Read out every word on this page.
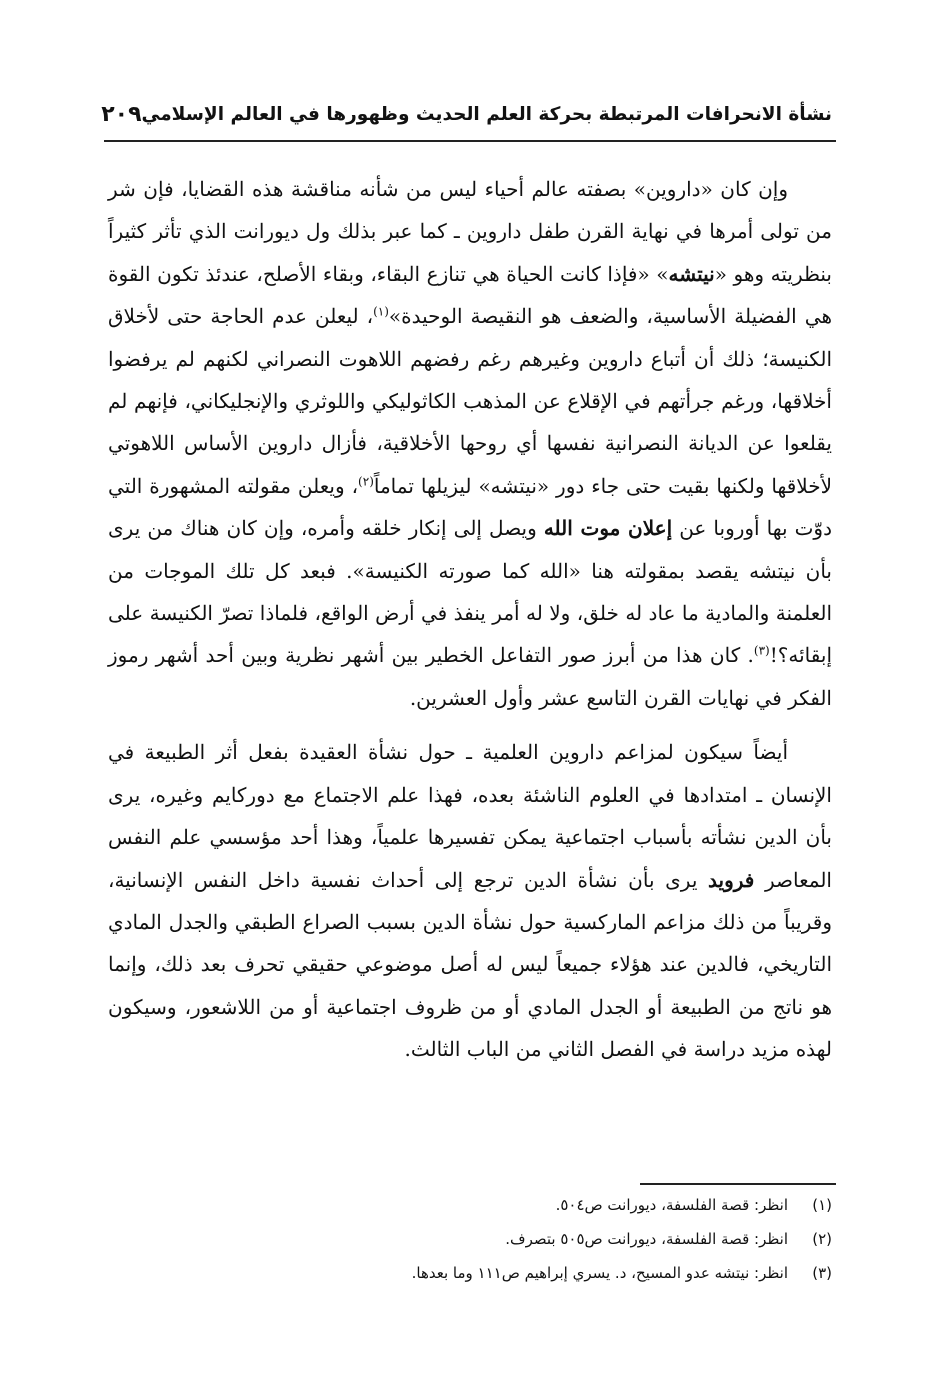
نشأة الانحرافات المرتبطة بحركة العلم الحديث وظهورها في العالم الإسلامي
٢٠٩

وإن كان «داروين» بصفته عالم أحياء ليس من شأنه مناقشة هذه القضايا، فإن شر من تولى أمرها في نهاية القرن طفل داروين ـ كما عبر بذلك ول ديورانت الذي تأثر كثيراً بنظريته وهو «نيتشه» «فإذا كانت الحياة هي تنازع البقاء، وبقاء الأصلح، عندئذ تكون القوة هي الفضيلة الأساسية، والضعف هو النقيصة الوحيدة»$^{(١)}$، ليعلن عدم الحاجة حتى لأخلاق الكنيسة؛ ذلك أن أتباع داروين وغيرهم رغم رفضهم اللاهوت النصراني لكنهم لم يرفضوا أخلاقها، ورغم جرأتهم في الإقلاع عن المذهب الكاثوليكي واللوثري والإنجليكاني، فإنهم لم يقلعوا عن الديانة النصرانية نفسها أي روحها الأخلاقية، فأزال داروين الأساس اللاهوتي لأخلاقها ولكنها بقيت حتى جاء دور «نيتشه» ليزيلها تماماً$^{(٢)}$، ويعلن مقولته المشهورة التي دوّت بها أوروبا عن إعلان موت الله ويصل إلى إنكار خلقه وأمره، وإن كان هناك من يرى بأن نيتشه يقصد بمقولته هنا «الله كما صورته الكنيسة». فبعد كل تلك الموجات من العلمنة والمادية ما عاد له خلق، ولا له أمر ينفذ في أرض الواقع، فلماذا تصرّ الكنيسة على إبقائه؟!$^{(٣)}$. كان هذا من أبرز صور التفاعل الخطير بين أشهر نظرية وبين أحد أشهر رموز الفكر في نهايات القرن التاسع عشر وأول العشرين.

أيضاً سيكون لمزاعم داروين العلمية ـ حول نشأة العقيدة بفعل أثر الطبيعة في الإنسان ـ امتدادها في العلوم الناشئة بعده، فهذا علم الاجتماع مع دوركايم وغيره، يرى بأن الدين نشأته بأسباب اجتماعية يمكن تفسيرها علمياً، وهذا أحد مؤسسي علم النفس المعاصر فرويد يرى بأن نشأة الدين ترجع إلى أحداث نفسية داخل النفس الإنسانية، وقريباً من ذلك مزاعم الماركسية حول نشأة الدين بسبب الصراع الطبقي والجدل المادي التاريخي، فالدين عند هؤلاء جميعاً ليس له أصل موضوعي حقيقي تحرف بعد ذلك، وإنما هو ناتج من الطبيعة أو الجدل المادي أو من ظروف اجتماعية أو من اللاشعور، وسيكون لهذه مزيد دراسة في الفصل الثاني من الباب الثالث.

(١)
انظر: قصة الفلسفة، ديورانت ص٥٠٤.
(٢)
انظر: قصة الفلسفة، ديورانت ص٥٠٥ بتصرف.
(٣)
انظر: نيتشه عدو المسيح، د. يسري إبراهيم ص١١١ وما بعدها.
